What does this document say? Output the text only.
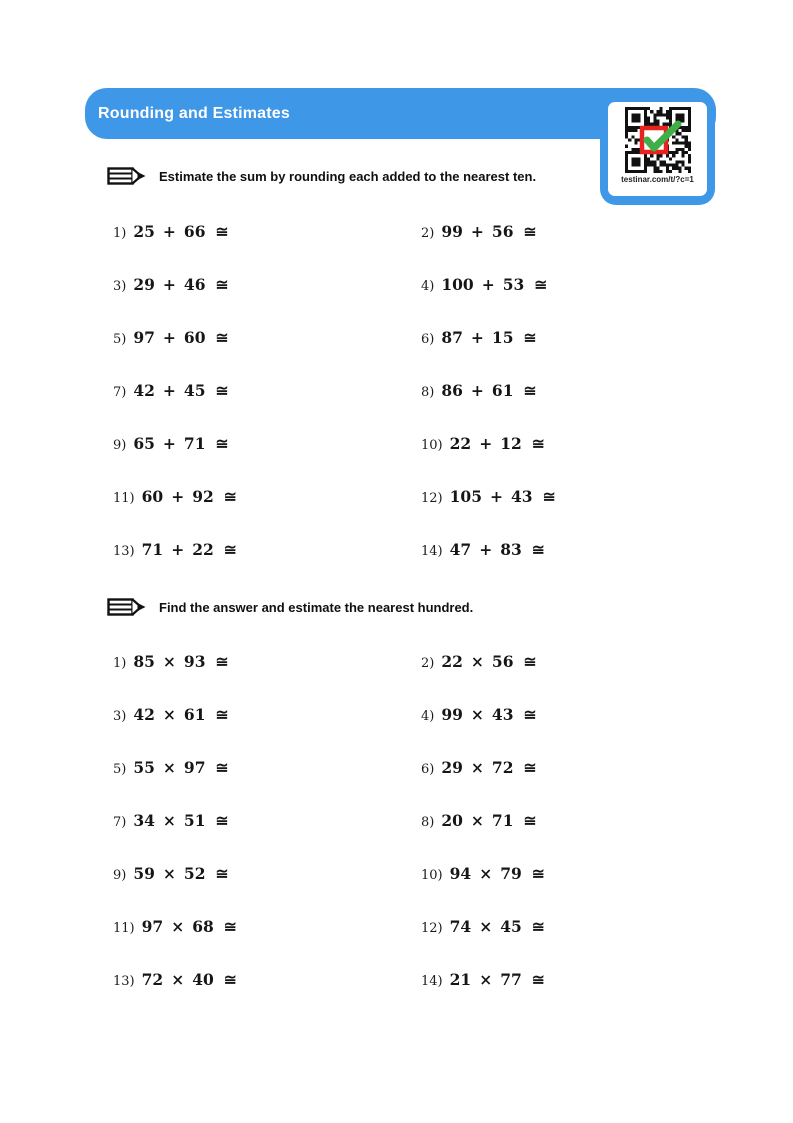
Rounding and Estimates
testinar.com/t/?c=1
Estimate the sum by rounding each added to the nearest ten.
1) 25 + 66 ≅	2) 99 + 56 ≅
3) 29 + 46 ≅	4) 100 + 53 ≅
5) 97 + 60 ≅	6) 87 + 15 ≅
7) 42 + 45 ≅	8) 86 + 61 ≅
9) 65 + 71 ≅	10) 22 + 12 ≅
11) 60 + 92 ≅	12) 105 + 43 ≅
13) 71 + 22 ≅	14) 47 + 83 ≅
Find the answer and estimate the nearest hundred.
1) 85 × 93 ≅	2) 22 × 56 ≅
3) 42 × 61 ≅	4) 99 × 43 ≅
5) 55 × 97 ≅	6) 29 × 72 ≅
7) 34 × 51 ≅	8) 20 × 71 ≅
9) 59 × 52 ≅	10) 94 × 79 ≅
11) 97 × 68 ≅	12) 74 × 45 ≅
13) 72 × 40 ≅	14) 21 × 77 ≅
